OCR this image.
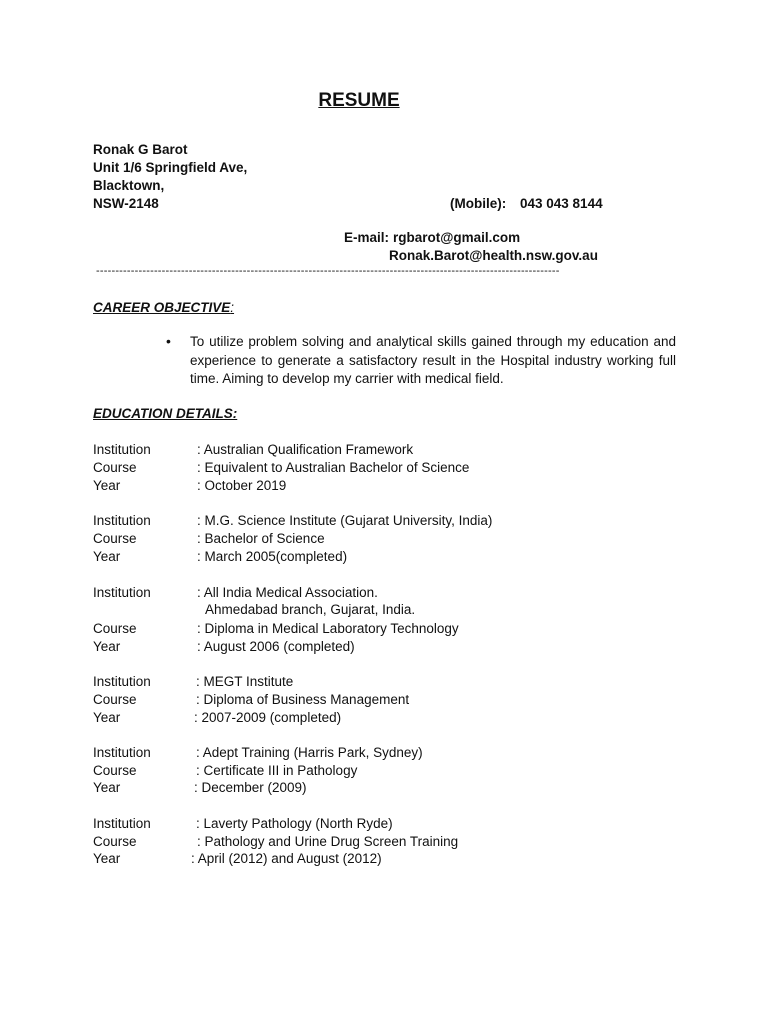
RESUME
Ronak G Barot
Unit 1/6 Springfield Ave,
Blacktown,
NSW-2148	(Mobile): 043 043 8144
E-mail: rgbarot@gmail.com
Ronak.Barot@health.nsw.gov.au
------------------------------------------------------------------------------------------------------------------------
CAREER OBJECTIVE:
• To utilize problem solving and analytical skills gained through my education and experience to generate a satisfactory result in the Hospital industry working full time. Aiming to develop my carrier with medical field.
EDUCATION DETAILS:
Institution	: Australian Qualification Framework
Course	: Equivalent to Australian Bachelor of Science
Year	: October 2019
Institution	: M.G. Science Institute (Gujarat University, India)
Course	: Bachelor of Science
Year	: March 2005(completed)
Institution	: All India Medical Association.
Ahmedabad branch, Gujarat, India.
Course	: Diploma in Medical Laboratory Technology
Year	: August 2006 (completed)
Institution	: MEGT Institute
Course	: Diploma of Business Management
Year	: 2007-2009 (completed)
Institution	: Adept Training (Harris Park, Sydney)
Course	: Certificate III in Pathology
Year	: December (2009)
Institution	: Laverty Pathology (North Ryde)
Course	: Pathology and Urine Drug Screen Training
Year	: April (2012) and August (2012)
